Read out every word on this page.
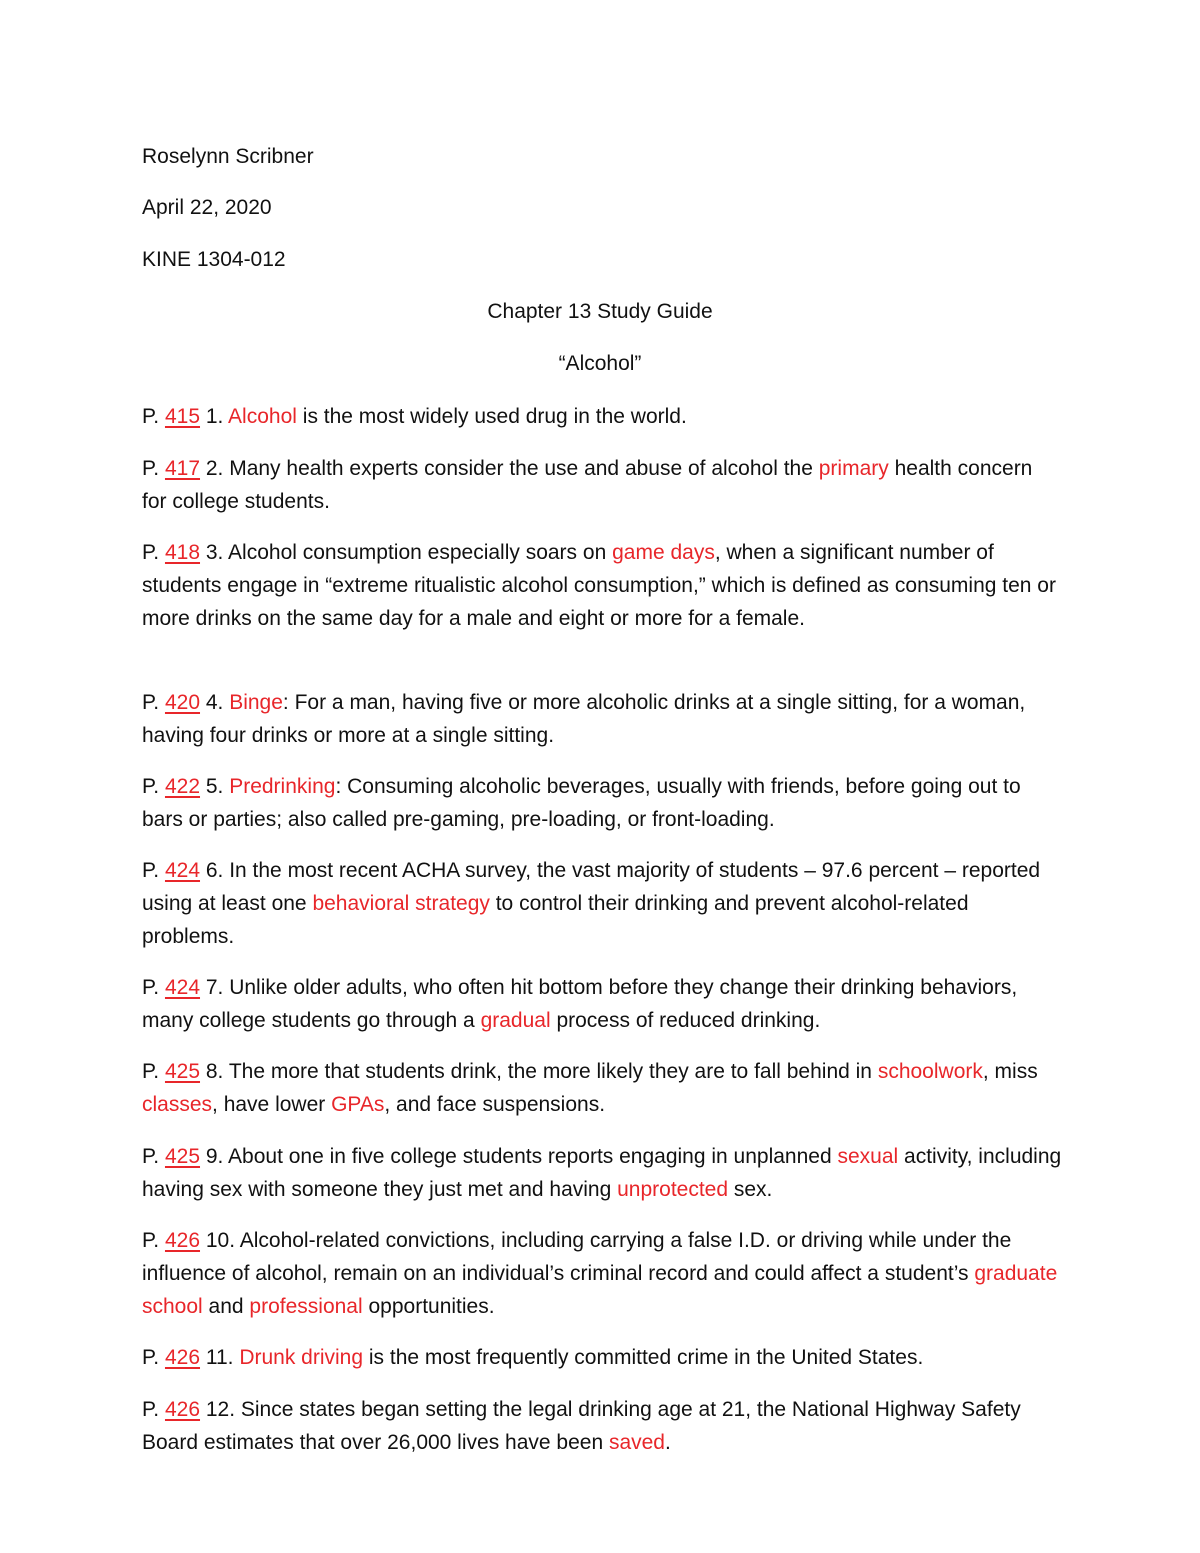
Roselynn Scribner
April 22, 2020
KINE 1304-012
Chapter 13 Study Guide
“Alcohol”
P. 415 1. Alcohol is the most widely used drug in the world.
P. 417 2. Many health experts consider the use and abuse of alcohol the primary health concern for college students.
P. 418 3. Alcohol consumption especially soars on game days, when a significant number of students engage in “extreme ritualistic alcohol consumption,” which is defined as consuming ten or more drinks on the same day for a male and eight or more for a female.
P. 420 4. Binge: For a man, having five or more alcoholic drinks at a single sitting, for a woman, having four drinks or more at a single sitting.
P. 422 5. Predrinking: Consuming alcoholic beverages, usually with friends, before going out to bars or parties; also called pre-gaming, pre-loading, or front-loading.
P. 424 6. In the most recent ACHA survey, the vast majority of students – 97.6 percent – reported using at least one behavioral strategy to control their drinking and prevent alcohol-related problems.
P. 424 7. Unlike older adults, who often hit bottom before they change their drinking behaviors, many college students go through a gradual process of reduced drinking.
P. 425 8. The more that students drink, the more likely they are to fall behind in schoolwork, miss classes, have lower GPAs, and face suspensions.
P. 425 9. About one in five college students reports engaging in unplanned sexual activity, including having sex with someone they just met and having unprotected sex.
P. 426 10. Alcohol-related convictions, including carrying a false I.D. or driving while under the influence of alcohol, remain on an individual’s criminal record and could affect a student’s graduate school and professional opportunities.
P. 426 11. Drunk driving is the most frequently committed crime in the United States.
P. 426 12. Since states began setting the legal drinking age at 21, the National Highway Safety Board estimates that over 26,000 lives have been saved.
